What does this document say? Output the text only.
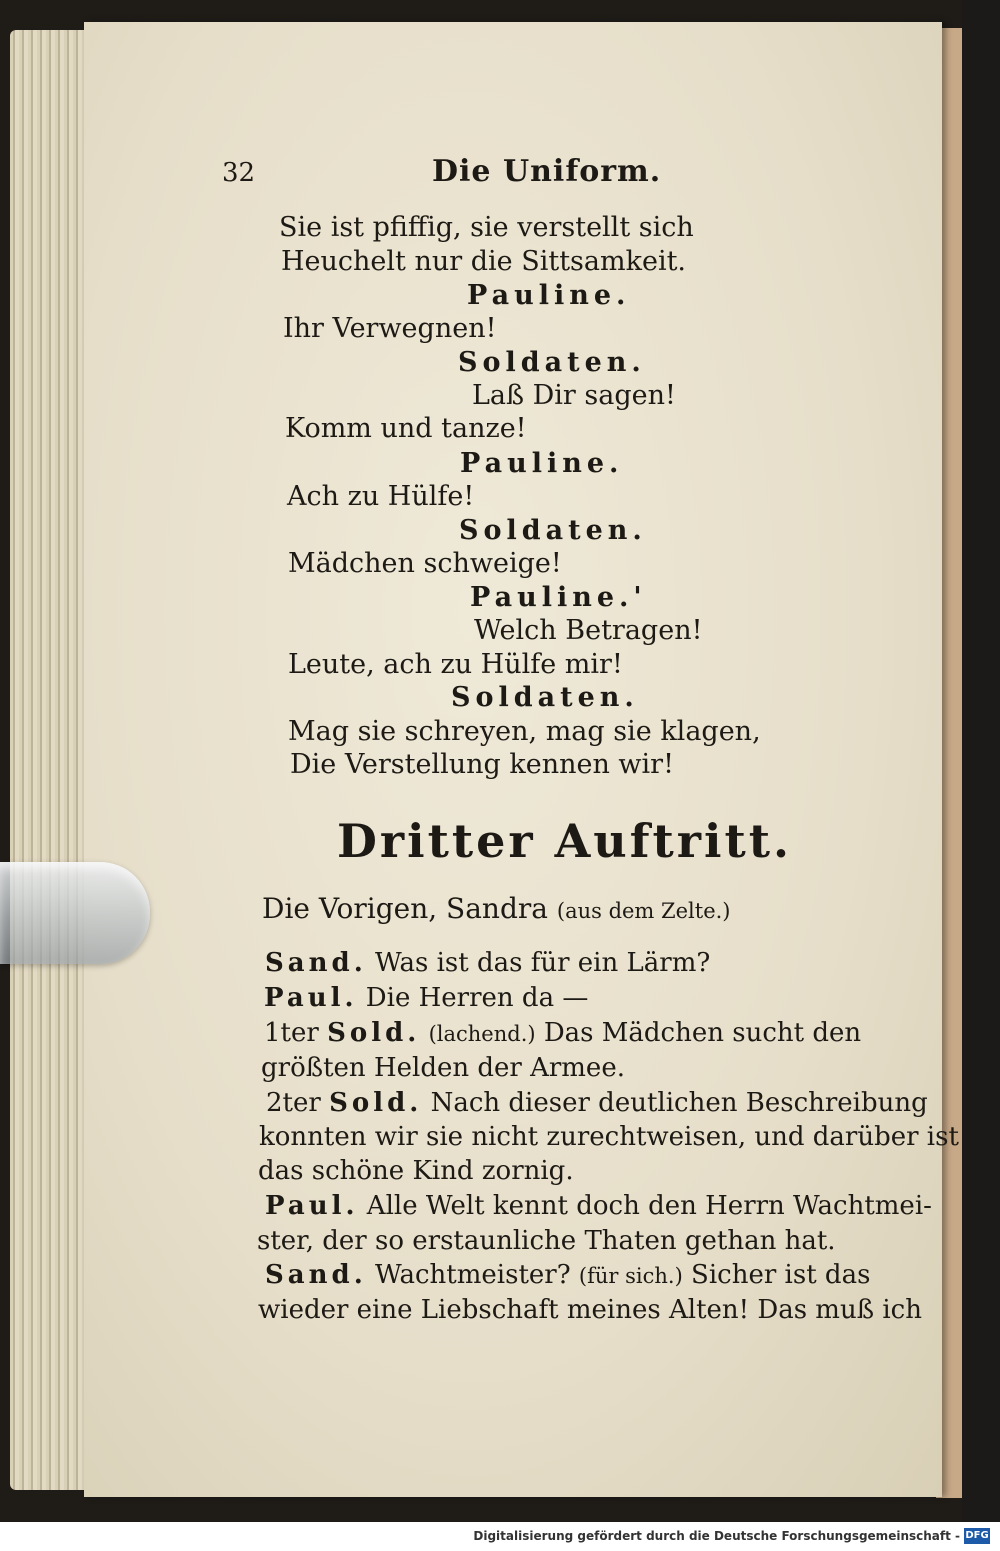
32	Die Uniform.
Sie ist pfiffig, sie verstellt sich
Heuchelt nur die Sittsamkeit.
Pauline.
Ihr Verwegnen!
Soldaten.
Laß Dir sagen!
Komm und tanze!
Pauline.
Ach zu Hülfe!
Soldaten.
Mädchen schweige!
Pauline.'
Welch Betragen!
Leute, ach zu Hülfe mir!
Soldaten.
Mag sie schreyen, mag sie klagen,
Die Verstellung kennen wir!
Dritter Auftritt.
Die Vorigen, Sandra (aus dem Zelte.)
Sand. Was ist das für ein Lärm?
Paul. Die Herren da —
1ter Sold. (lachend.) Das Mädchen sucht den
größten Helden der Armee.
2ter Sold. Nach dieser deutlichen Beschreibung
konnten wir sie nicht zurechtweisen, und darüber ist
das schöne Kind zornig.
Paul. Alle Welt kennt doch den Herrn Wachtmei-
ster, der so erstaunliche Thaten gethan hat.
Sand. Wachtmeister? (für sich.) Sicher ist das
wieder eine Liebschaft meines Alten! Das muß ich
Digitalisierung gefördert durch die Deutsche Forschungsgemeinschaft - DFG
